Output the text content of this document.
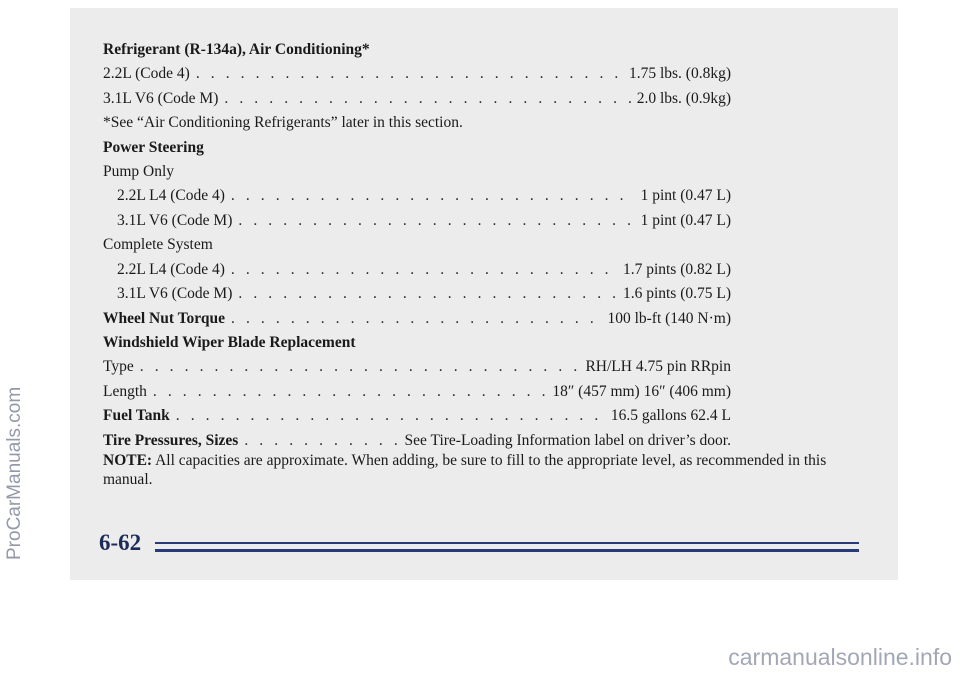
Refrigerant (R-134a), Air Conditioning*
2.2L (Code 4) . . .	1.75 lbs. (0.8kg)
3.1L V6 (Code M) . . .	2.0 lbs. (0.9kg)
*See “Air Conditioning Refrigerants” later in this section.
Power Steering
Pump Only
2.2L L4 (Code 4) . . .	1 pint (0.47 L)
3.1L V6 (Code M) . . .	1 pint (0.47 L)
Complete System
2.2L L4 (Code 4) . . .	1.7 pints (0.82 L)
3.1L V6 (Code M) . . .	1.6 pints (0.75 L)
Wheel Nut Torque . . .	100 lb-ft (140 N·m)
Windshield Wiper Blade Replacement
Type . . .	RH/LH 4.75 pin RRpin
Length . . .	18″ (457 mm) 16″ (406 mm)
Fuel Tank . . .	16.5 gallons 62.4 L
Tire Pressures, Sizes . . .	See Tire-Loading Information label on driver’s door.
NOTE: All capacities are approximate. When adding, be sure to fill to the appropriate level, as recommended in this manual.
6-62
ProCarManuals.com
carmanualsonline.info
